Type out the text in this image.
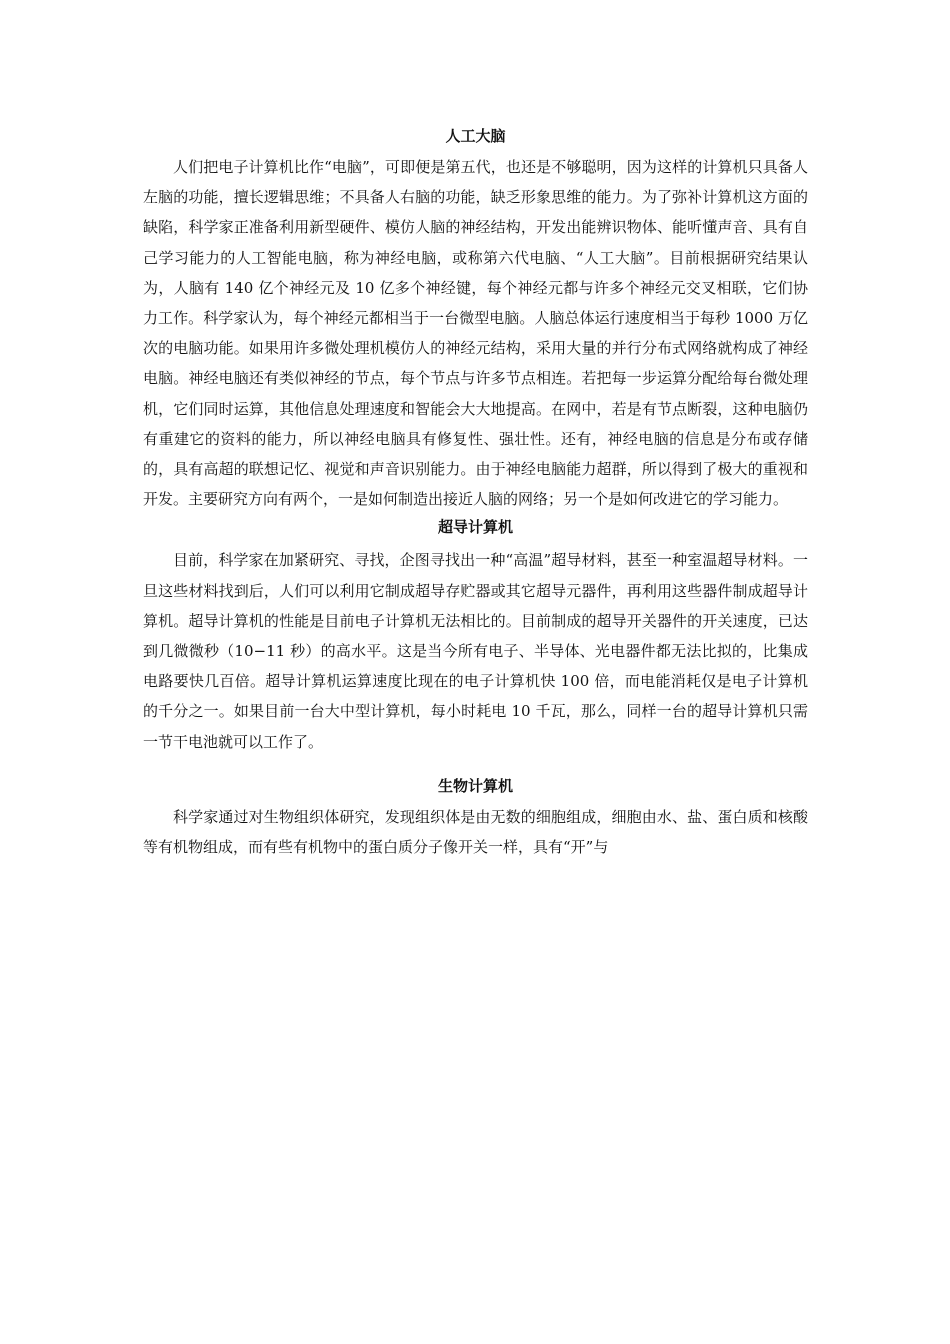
人工大脑

人们把电子计算机比作“电脑”，可即便是第五代，也还是不够聪明，因为这样的计算机只具备人左脑的功能，擅长逻辑思维；不具备人右脑的功能，缺乏形象思维的能力。为了弥补计算机这方面的缺陷，科学家正准备利用新型硬件、模仿人脑的神经结构，开发出能辨识物体、能听懂声音、具有自己学习能力的人工智能电脑，称为神经电脑，或称第六代电脑、“人工大脑”。目前根据研究结果认为，人脑有 140 亿个神经元及 10 亿多个神经键，每个神经元都与许多个神经元交叉相联，它们协力工作。科学家认为，每个神经元都相当于一台微型电脑。人脑总体运行速度相当于每秒 1000 万亿次的电脑功能。如果用许多微处理机模仿人的神经元结构，采用大量的并行分布式网络就构成了神经电脑。神经电脑还有类似神经的节点，每个节点与许多节点相连。若把每一步运算分配给每台微处理机，它们同时运算，其他信息处理速度和智能会大大地提高。在网中，若是有节点断裂，这种电脑仍有重建它的资料的能力，所以神经电脑具有修复性、强壮性。还有，神经电脑的信息是分布或存储的，具有高超的联想记忆、视觉和声音识别能力。由于神经电脑能力超群，所以得到了极大的重视和开发。主要研究方向有两个，一是如何制造出接近人脑的网络；另一个是如何改进它的学习能力。

超导计算机

目前，科学家在加紧研究、寻找，企图寻找出一种“高温”超导材料，甚至一种室温超导材料。一旦这些材料找到后，人们可以利用它制成超导存贮器或其它超导元器件，再利用这些器件制成超导计算机。超导计算机的性能是目前电子计算机无法相比的。目前制成的超导开关器件的开关速度，已达到几微微秒（10−11 秒）的高水平。这是当今所有电子、半导体、光电器件都无法比拟的，比集成电路要快几百倍。超导计算机运算速度比现在的电子计算机快 100 倍，而电能消耗仅是电子计算机的千分之一。如果目前一台大中型计算机，每小时耗电 10 千瓦，那么，同样一台的超导计算机只需一节干电池就可以工作了。

生物计算机

科学家通过对生物组织体研究，发现组织体是由无数的细胞组成，细胞由水、盐、蛋白质和核酸等有机物组成，而有些有机物中的蛋白质分子像开关一样，具有“开”与
